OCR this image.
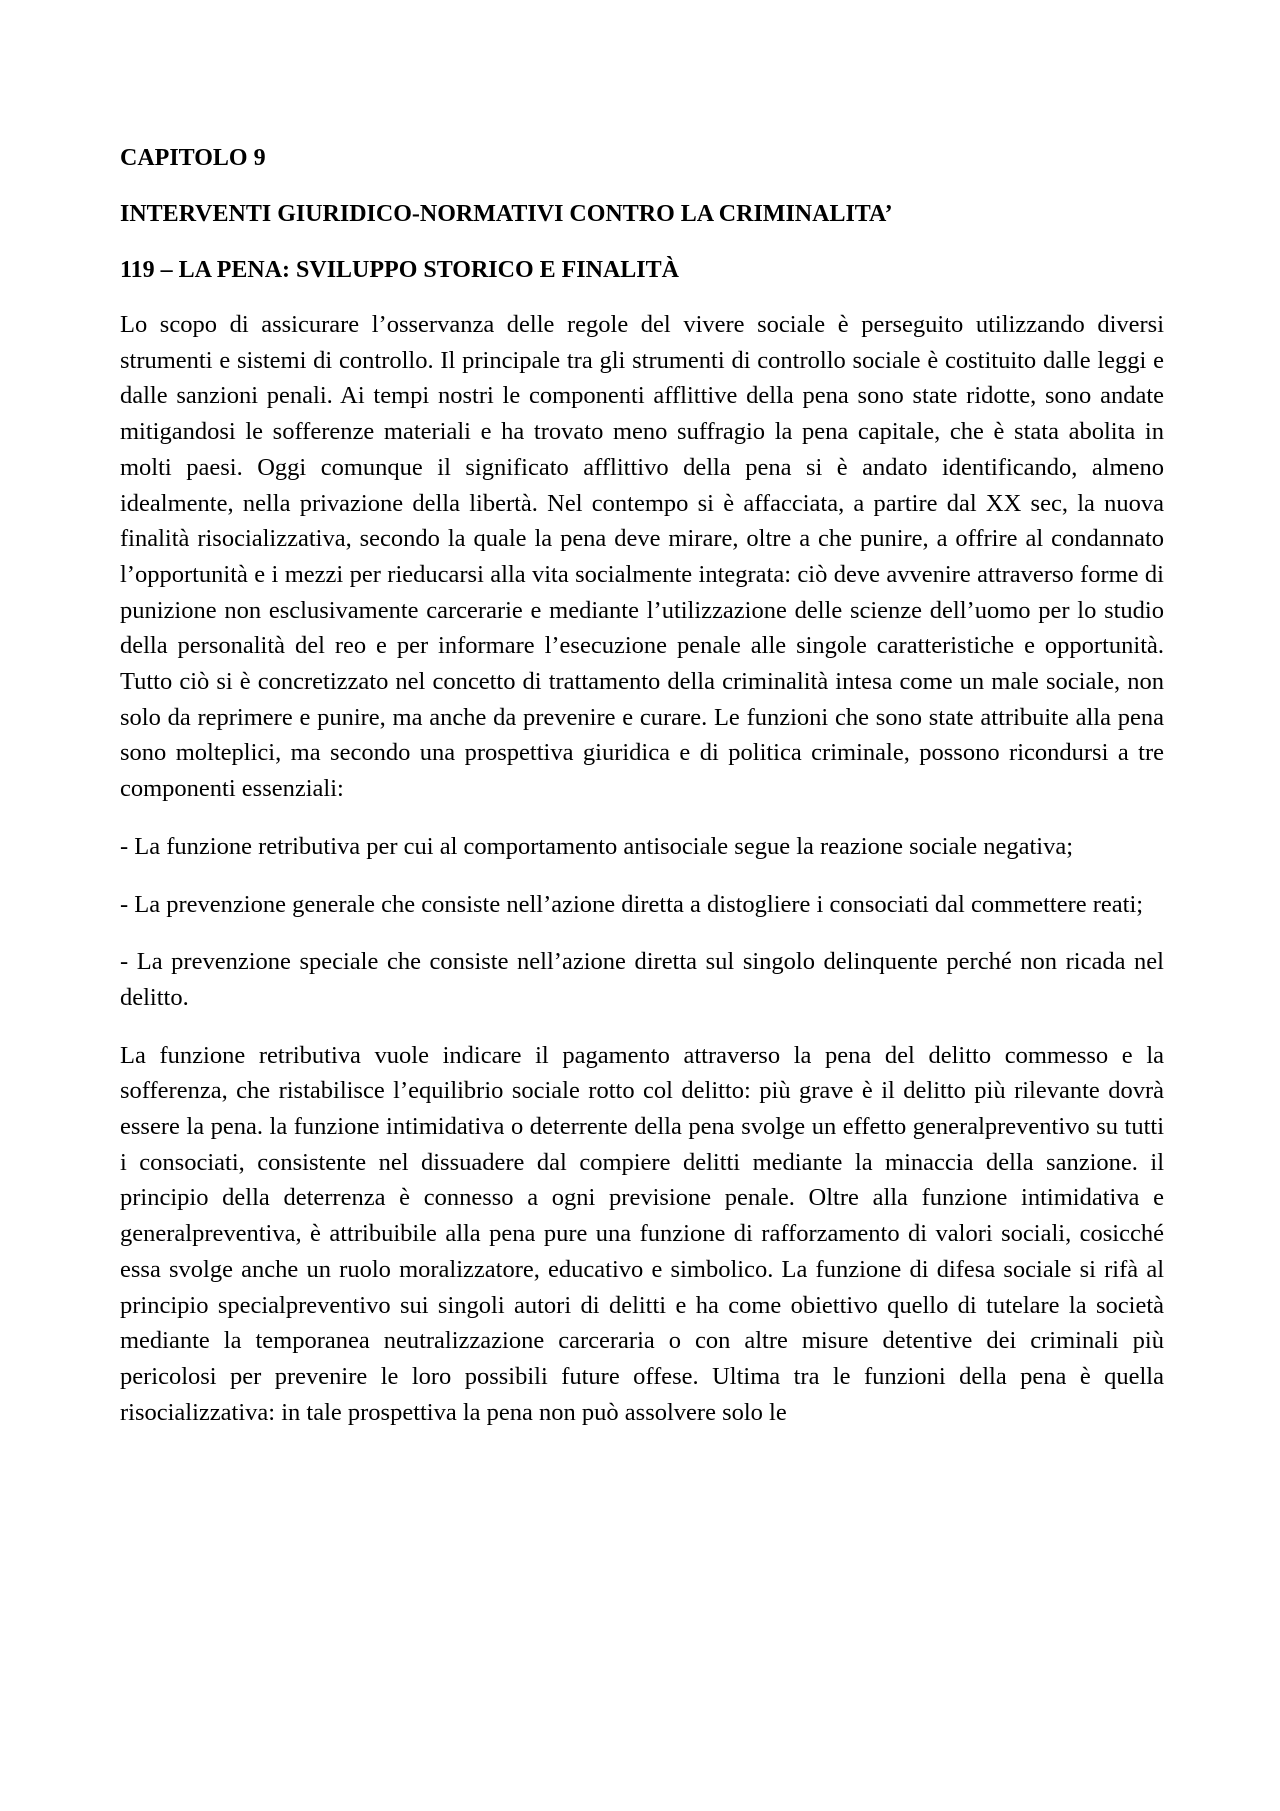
CAPITOLO 9
INTERVENTI GIURIDICO-NORMATIVI CONTRO LA CRIMINALITA’
119 – LA PENA: SVILUPPO STORICO E FINALITÀ

Lo scopo di assicurare l’osservanza delle regole del vivere sociale è perseguito utilizzando diversi strumenti e sistemi di controllo. Il principale tra gli strumenti di controllo sociale è costituito dalle leggi e dalle sanzioni penali. Ai tempi nostri le componenti afflittive della pena sono state ridotte, sono andate mitigandosi le sofferenze materiali e ha trovato meno suffragio la pena capitale, che è stata abolita in molti paesi. Oggi comunque il significato afflittivo della pena si è andato identificando, almeno idealmente, nella privazione della libertà. Nel contempo si è affacciata, a partire dal XX sec, la nuova finalità risocializzativa, secondo la quale la pena deve mirare, oltre a che punire, a offrire al condannato l’opportunità e i mezzi per rieducarsi alla vita socialmente integrata: ciò deve avvenire attraverso forme di punizione non esclusivamente carcerarie e mediante l’utilizzazione delle scienze dell’uomo per lo studio della personalità del reo e per informare l’esecuzione penale alle singole caratteristiche e opportunità. Tutto ciò si è concretizzato nel concetto di trattamento della criminalità intesa come un male sociale, non solo da reprimere e punire, ma anche da prevenire e curare. Le funzioni che sono state attribuite alla pena sono molteplici, ma secondo una prospettiva giuridica e di politica criminale, possono ricondursi a tre componenti essenziali:

- La funzione retributiva per cui al comportamento antisociale segue la reazione sociale negativa;

- La prevenzione generale che consiste nell’azione diretta a distogliere i consociati dal commettere reati;

- La prevenzione speciale che consiste nell’azione diretta sul singolo delinquente perché non ricada nel delitto.

La funzione retributiva vuole indicare il pagamento attraverso la pena del delitto commesso e la sofferenza, che ristabilisce l’equilibrio sociale rotto col delitto: più grave è il delitto più rilevante dovrà essere la pena. la funzione intimidativa o deterrente della pena svolge un effetto generalpreventivo su tutti i consociati, consistente nel dissuadere dal compiere delitti mediante la minaccia della sanzione. il principio della deterrenza è connesso a ogni previsione penale. Oltre alla funzione intimidativa e generalpreventiva, è attribuibile alla pena pure una funzione di rafforzamento di valori sociali, cosicché essa svolge anche un ruolo moralizzatore, educativo e simbolico. La funzione di difesa sociale si rifà al principio specialpreventivo sui singoli autori di delitti e ha come obiettivo quello di tutelare la società mediante la temporanea neutralizzazione carceraria o con altre misure detentive dei criminali più pericolosi per prevenire le loro possibili future offese. Ultima tra le funzioni della pena è quella risocializzativa: in tale prospettiva la pena non può assolvere solo le
